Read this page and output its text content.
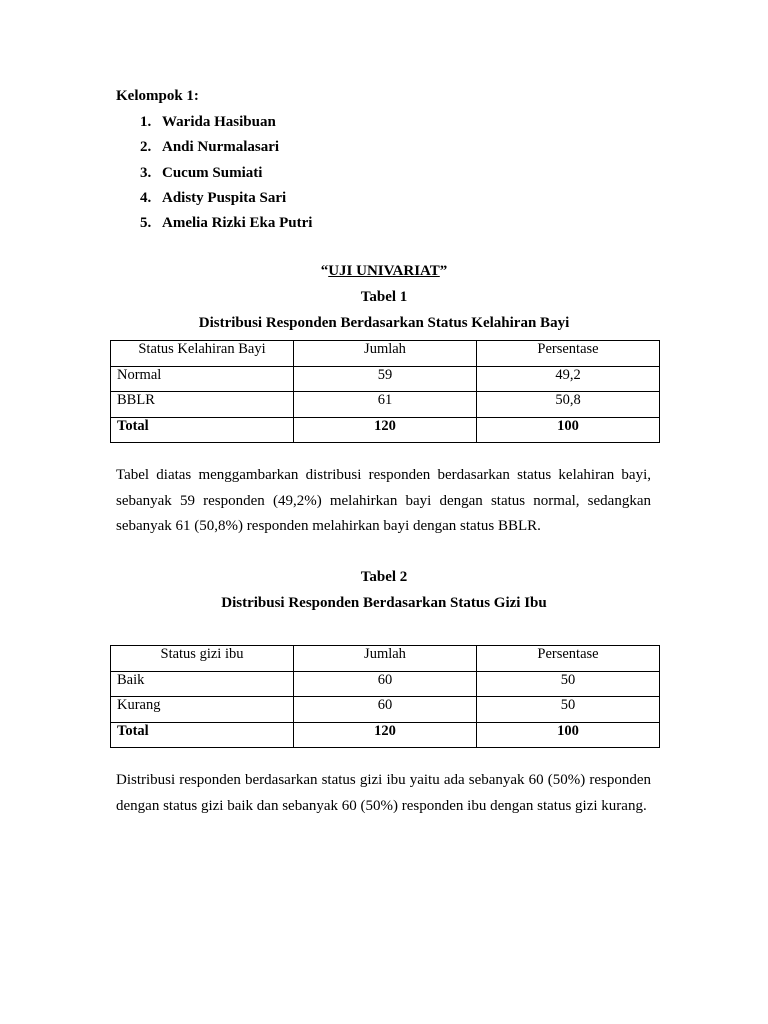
Kelompok 1:
1. Warida Hasibuan
2. Andi Nurmalasari
3. Cucum Sumiati
4. Adisty Puspita Sari
5. Amelia Rizki Eka Putri
“UJI UNIVARIAT”
Tabel 1
Distribusi Responden Berdasarkan Status Kelahiran Bayi
Status Kelahiran Bayi	Jumlah	Persentase
Normal	59	49,2
BBLR	61	50,8
Total	120	100

Tabel diatas menggambarkan distribusi responden berdasarkan status kelahiran bayi, sebanyak 59 responden (49,2%) melahirkan bayi dengan status normal, sedangkan sebanyak 61 (50,8%) responden melahirkan bayi dengan status BBLR.

Tabel 2
Distribusi Responden Berdasarkan Status Gizi Ibu
Status gizi ibu	Jumlah	Persentase
Baik	60	50
Kurang	60	50
Total	120	100

Distribusi responden berdasarkan status gizi ibu yaitu ada sebanyak 60 (50%) responden dengan status gizi baik dan sebanyak 60 (50%) responden ibu dengan status gizi kurang.
